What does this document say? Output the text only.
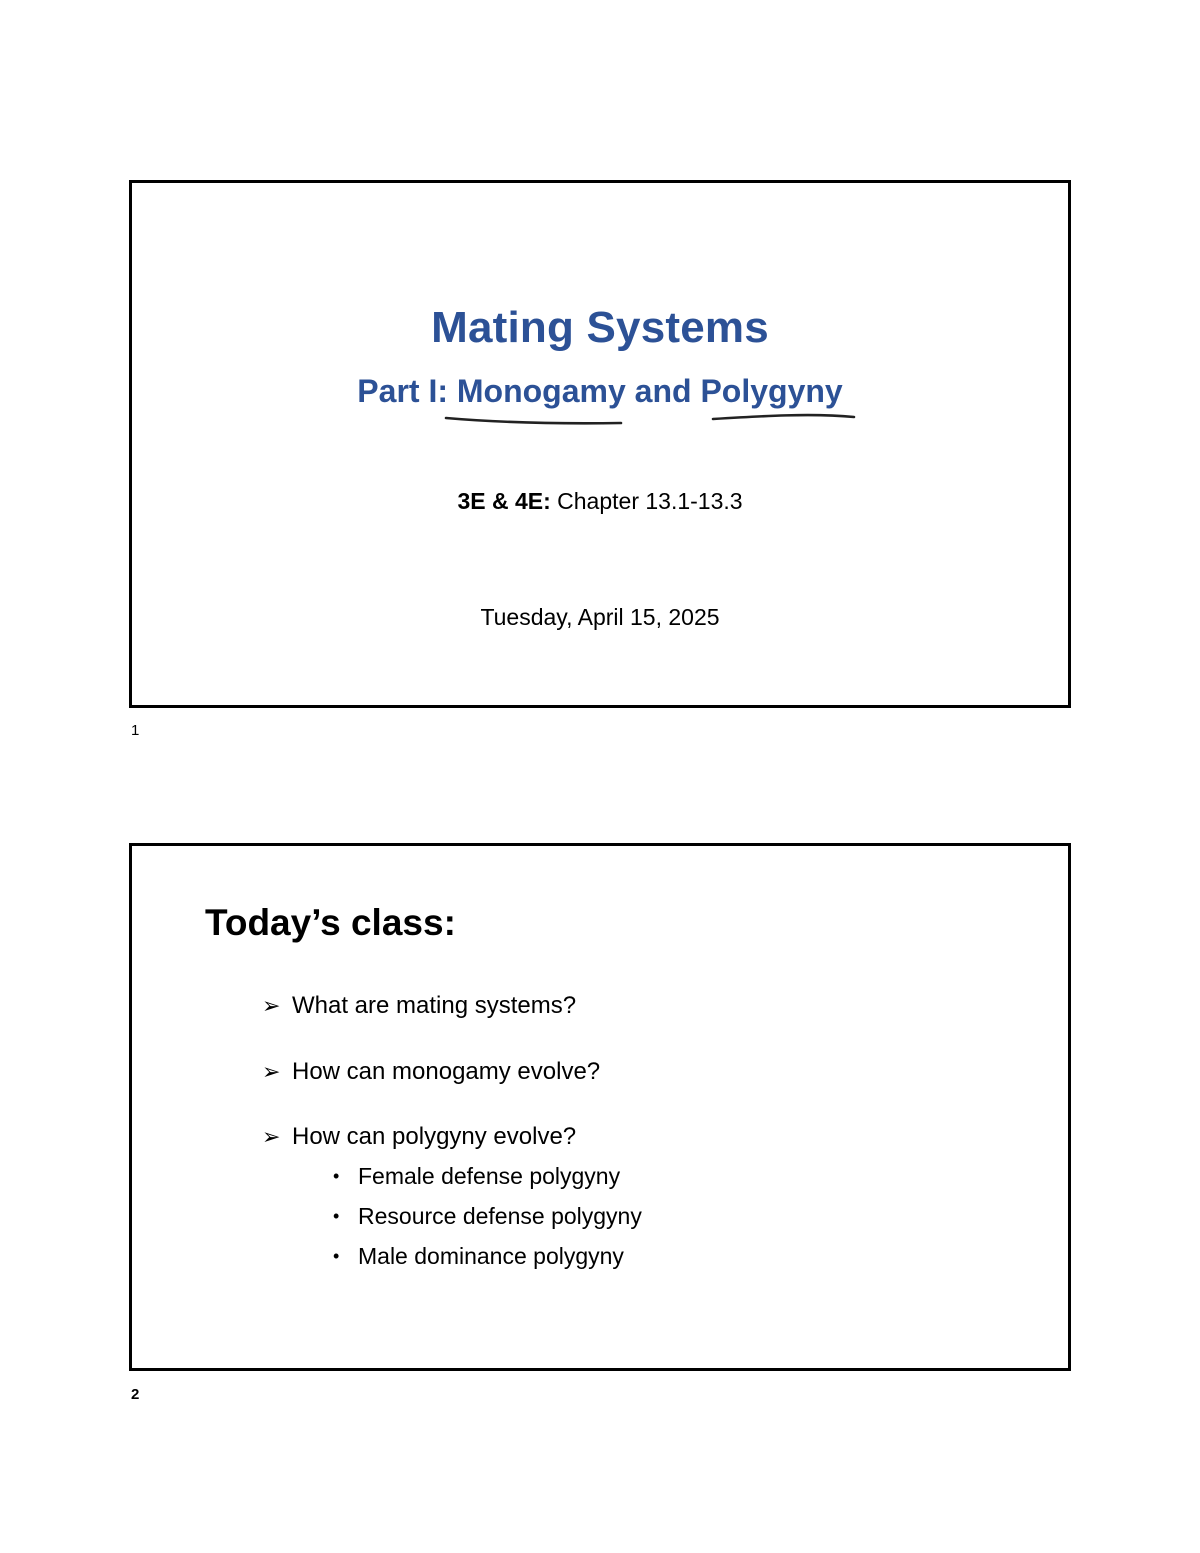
Mating Systems
Part I: Monogamy and Polygyny
3E & 4E: Chapter 13.1-13.3
Tuesday, April 15, 2025
1
Today’s class:
➢ What are mating systems?
➢ How can monogamy evolve?
➢ How can polygyny evolve?
• Female defense polygyny
• Resource defense polygyny
• Male dominance polygyny
2
